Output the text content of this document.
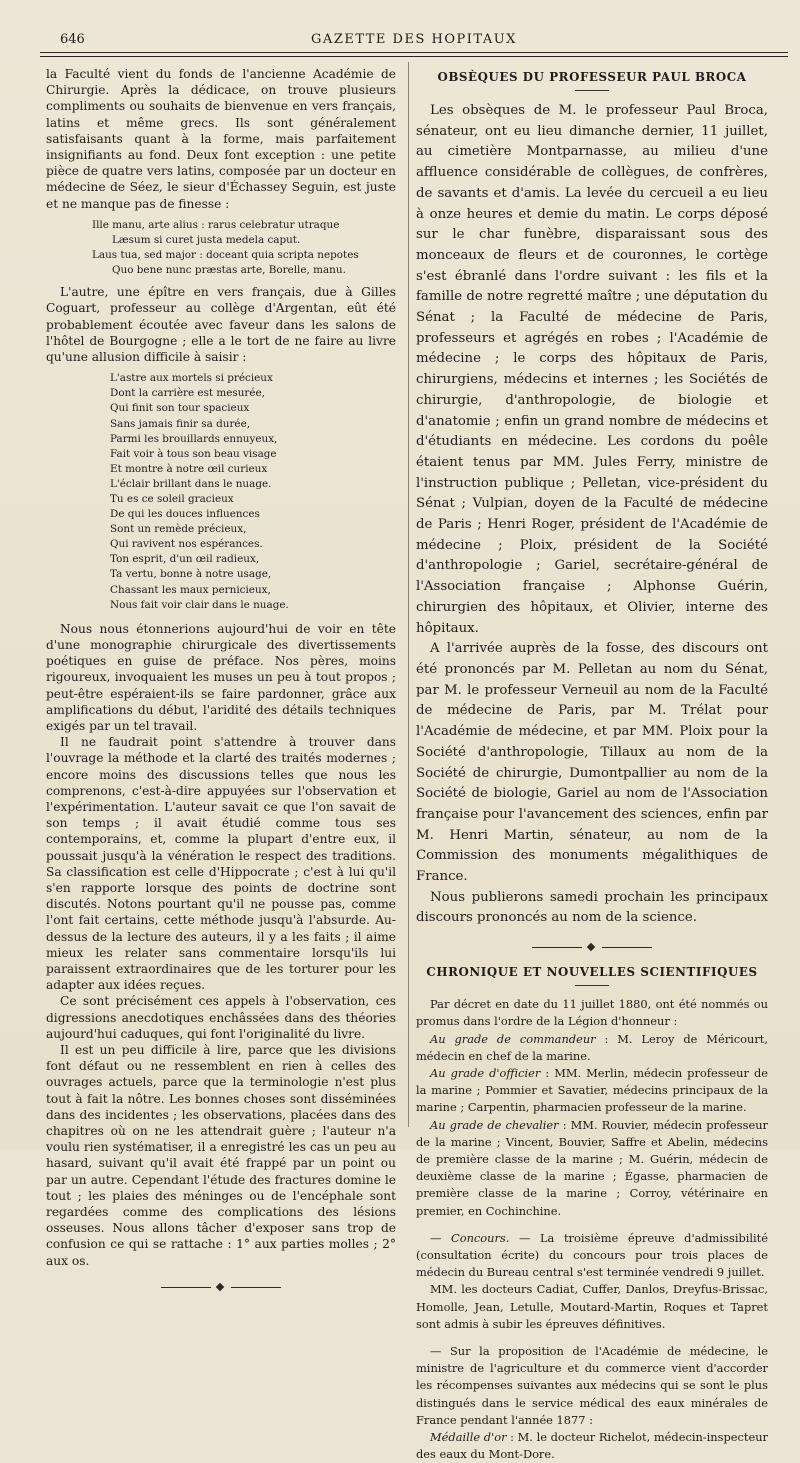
646	GAZETTE DES HOPITAUX

la Faculté vient du fonds de l'ancienne Académie de Chirurgie. Après la dédicace, on trouve plusieurs compliments ou souhaits de bienvenue en vers français, latins et même grecs. Ils sont généralement satisfaisants quant à la forme, mais parfaitement insignifiants au fond. Deux font exception : une petite pièce de quatre vers latins, composée par un docteur en médecine de Séez, le sieur d'Échassey Seguin, est juste et ne manque pas de finesse :

Ille manu, arte alius : rarus celebratur utraque
Læsum si curet justa medela caput.
Laus tua, sed major : doceant quia scripta nepotes
Quo bene nunc præstas arte, Borelle, manu.

L'autre, une épître en vers français, due à Gilles Coguart, professeur au collège d'Argentan, eût été probablement écoutée avec faveur dans les salons de l'hôtel de Bourgogne ; elle a le tort de ne faire au livre qu'une allusion difficile à saisir :

L'astre aux mortels si précieux
Dont la carrière est mesurée,
Qui finit son tour spacieux
Sans jamais finir sa durée,
Parmi les brouillards ennuyeux,
Fait voir à tous son beau visage
Et montre à notre œil curieux
L'éclair brillant dans le nuage.
Tu es ce soleil gracieux
De qui les douces influences
Sont un remède précieux,
Qui ravivent nos espérances.
Ton esprit, d'un œil radieux,
Ta vertu, bonne à notre usage,
Chassant les maux pernicieux,
Nous fait voir clair dans le nuage.

Nous nous étonnerions aujourd'hui de voir en tête d'une monographie chirurgicale des divertissements poétiques en guise de préface. Nos pères, moins rigoureux, invoquaient les muses un peu à tout propos ; peut-être espéraient-ils se faire pardonner, grâce aux amplifications du début, l'aridité des détails techniques exigés par un tel travail.

Il ne faudrait point s'attendre à trouver dans l'ouvrage la méthode et la clarté des traités modernes ; encore moins des discussions telles que nous les comprenons, c'est-à-dire appuyées sur l'observation et l'expérimentation. L'auteur savait ce que l'on savait de son temps ; il avait étudié comme tous ses contemporains, et, comme la plupart d'entre eux, il poussait jusqu'à la vénération le respect des traditions. Sa classification est celle d'Hippocrate ; c'est à lui qu'il s'en rapporte lorsque des points de doctrine sont discutés. Notons pourtant qu'il ne pousse pas, comme l'ont fait certains, cette méthode jusqu'à l'absurde. Au-dessus de la lecture des auteurs, il y a les faits ; il aime mieux les relater sans commentaire lorsqu'ils lui paraissent extraordinaires que de les torturer pour les adapter aux idées reçues.

Ce sont précisément ces appels à l'observation, ces digressions anecdotiques enchâssées dans des théories aujourd'hui caduques, qui font l'originalité du livre.

Il est un peu difficile à lire, parce que les divisions font défaut ou ne ressemblent en rien à celles des ouvrages actuels, parce que la terminologie n'est plus tout à fait la nôtre. Les bonnes choses sont disséminées dans des incidentes ; les observations, placées dans des chapitres où on ne les attendrait guère ; l'auteur n'a voulu rien systématiser, il a enregistré les cas un peu au hasard, suivant qu'il avait été frappé par un point ou par un autre. Cependant l'étude des fractures domine le tout ; les plaies des méninges ou de l'encéphale sont regardées comme des complications des lésions osseuses. Nous allons tâcher d'exposer sans trop de confusion ce qui se rattache : 1° aux parties molles ; 2° aux os.

OBSÈQUES DU PROFESSEUR PAUL BROCA

Les obsèques de M. le professeur Paul Broca, sénateur, ont eu lieu dimanche dernier, 11 juillet, au cimetière Montparnasse, au milieu d'une affluence considérable de collègues, de confrères, de savants et d'amis. La levée du cercueil a eu lieu à onze heures et demie du matin. Le corps déposé sur le char funèbre, disparaissant sous des monceaux de fleurs et de couronnes, le cortège s'est ébranlé dans l'ordre suivant : les fils et la famille de notre regretté maître ; une députation du Sénat ; la Faculté de médecine de Paris, professeurs et agrégés en robes ; l'Académie de médecine ; le corps des hôpitaux de Paris, chirurgiens, médecins et internes ; les Sociétés de chirurgie, d'anthropologie, de biologie et d'anatomie ; enfin un grand nombre de médecins et d'étudiants en médecine. Les cordons du poêle étaient tenus par MM. Jules Ferry, ministre de l'instruction publique ; Pelletan, vice-président du Sénat ; Vulpian, doyen de la Faculté de médecine de Paris ; Henri Roger, président de l'Académie de médecine ; Ploix, président de la Société d'anthropologie ; Gariel, secrétaire-général de l'Association française ; Alphonse Guérin, chirurgien des hôpitaux, et Olivier, interne des hôpitaux.

A l'arrivée auprès de la fosse, des discours ont été prononcés par M. Pelletan au nom du Sénat, par M. le professeur Verneuil au nom de la Faculté de médecine de Paris, par M. Trélat pour l'Académie de médecine, et par MM. Ploix pour la Société d'anthropologie, Tillaux au nom de la Société de chirurgie, Dumontpallier au nom de la Société de biologie, Gariel au nom de l'Association française pour l'avancement des sciences, enfin par M. Henri Martin, sénateur, au nom de la Commission des monuments mégalithiques de France.

Nous publierons samedi prochain les principaux discours prononcés au nom de la science.

CHRONIQUE ET NOUVELLES SCIENTIFIQUES

Par décret en date du 11 juillet 1880, ont été nommés ou promus dans l'ordre de la Légion d'honneur :

Au grade de commandeur : M. Leroy de Méricourt, médecin en chef de la marine.

Au grade d'officier : MM. Merlin, médecin professeur de la marine ; Pommier et Savatier, médecins principaux de la marine ; Carpentin, pharmacien professeur de la marine.

Au grade de chevalier : MM. Rouvier, médecin professeur de la marine ; Vincent, Bouvier, Saffre et Abelin, médecins de première classe de la marine ; M. Guérin, médecin de deuxième classe de la marine ; Égasse, pharmacien de première classe de la marine ; Corroy, vétérinaire en premier, en Cochinchine.

— Concours. — La troisième épreuve d'admissibilité (consultation écrite) du concours pour trois places de médecin du Bureau central s'est terminée vendredi 9 juillet.

MM. les docteurs Cadiat, Cuffer, Danlos, Dreyfus-Brissac, Homolle, Jean, Letulle, Moutard-Martin, Roques et Tapret sont admis à subir les épreuves définitives.

— Sur la proposition de l'Académie de médecine, le ministre de l'agriculture et du commerce vient d'accorder les récompenses suivantes aux médecins qui se sont le plus distingués dans le service médical des eaux minérales de France pendant l'année 1877 :

Médaille d'or : M. le docteur Richelot, médecin-inspecteur des eaux du Mont-Dore.
